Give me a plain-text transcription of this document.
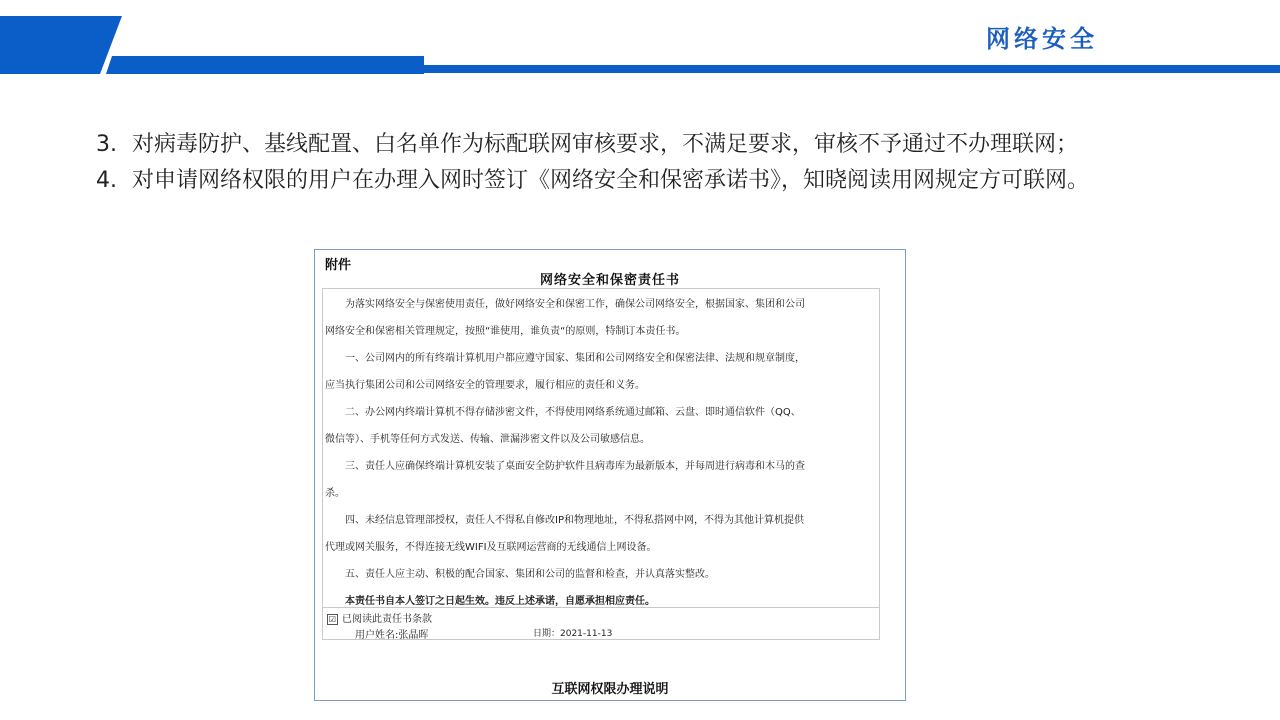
网络安全
3. 对病毒防护、基线配置、白名单作为标配联网审核要求，不满足要求，审核不予通过不办理联网；
4. 对申请网络权限的用户在办理入网时签订《网络安全和保密承诺书》，知晓阅读用网规定方可联网。
附件
网络安全和保密责任书

为落实网络安全与保密使用责任，做好网络安全和保密工作，确保公司网络安全，根据国家、集团和公司

网络安全和保密相关管理规定，按照“谁使用，谁负责“的原则，特制订本责任书。

一、公司网内的所有终端计算机用户都应遵守国家、集团和公司网络安全和保密法律、法规和规章制度，

应当执行集团公司和公司网络安全的管理要求，履行相应的责任和义务。

二、办公网内终端计算机不得存储涉密文件，不得使用网络系统通过邮箱、云盘、即时通信软件（QQ、

微信等）、手机等任何方式发送、传输、泄漏涉密文件以及公司敏感信息。

三、责任人应确保终端计算机安装了桌面安全防护软件且病毒库为最新版本，并每周进行病毒和木马的查

杀。

四、未经信息管理部授权，责任人不得私自修改IP和物理地址，不得私搭网中网，不得为其他计算机提供

代理或网关服务，不得连接无线WIFI及互联网运营商的无线通信上网设备。

五、责任人应主动、积极的配合国家、集团和公司的监督和检查，并认真落实整改。

本责任书自本人签订之日起生效。违反上述承诺，自愿承担相应责任。

☑ 已阅读此责任书条款
用户姓名:张晶晖	日期：2021-11-13
互联网权限办理说明
